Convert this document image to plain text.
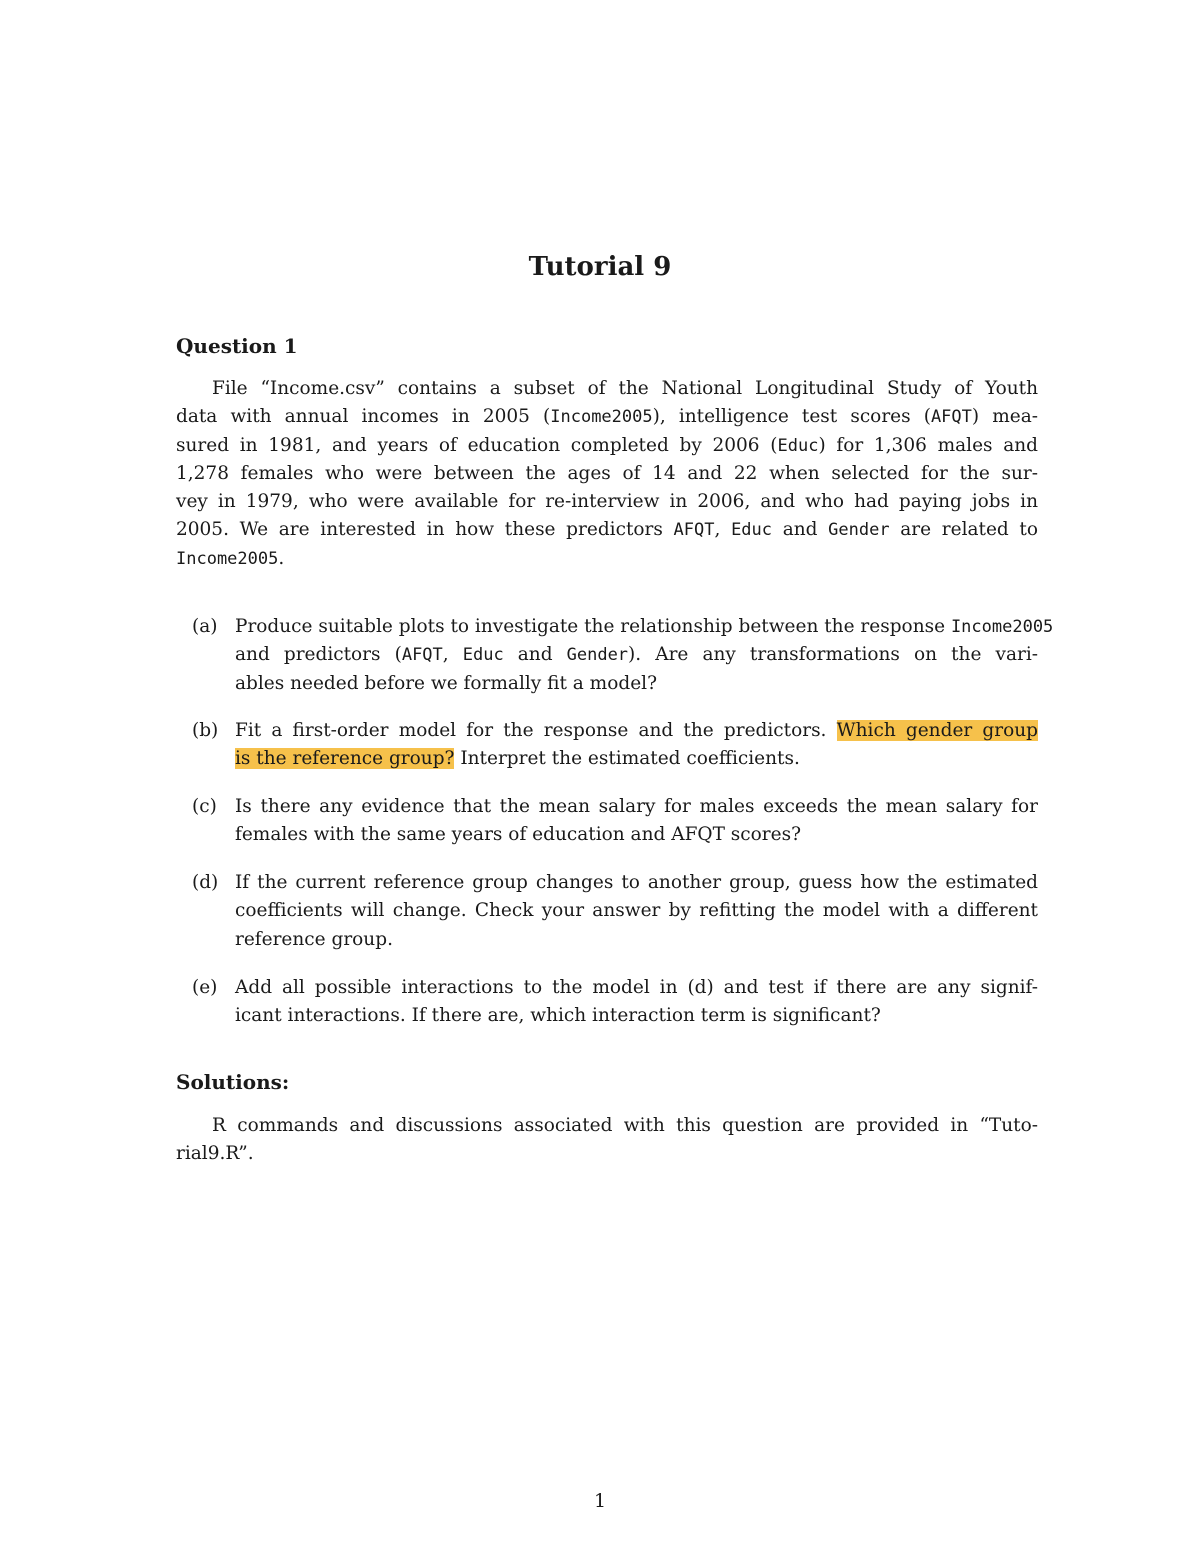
Tutorial 9
Question 1
File “Income.csv” contains a subset of the National Longitudinal Study of Youth
data with annual incomes in 2005 (Income2005), intelligence test scores (AFQT) mea-
sured in 1981, and years of education completed by 2006 (Educ) for 1,306 males and
1,278 females who were between the ages of 14 and 22 when selected for the sur-
vey in 1979, who were available for re-interview in 2006, and who had paying jobs in
2005. We are interested in how these predictors AFQT, Educ and Gender are related to
Income2005.
(a) Produce suitable plots to investigate the relationship between the response Income2005
and predictors (AFQT, Educ and Gender). Are any transformations on the vari-
ables needed before we formally fit a model?
(b) Fit a first-order model for the response and the predictors. Which gender group
is the reference group? Interpret the estimated coefficients.
(c) Is there any evidence that the mean salary for males exceeds the mean salary for
females with the same years of education and AFQT scores?
(d) If the current reference group changes to another group, guess how the estimated
coefficients will change. Check your answer by refitting the model with a different
reference group.
(e) Add all possible interactions to the model in (d) and test if there are any signif-
icant interactions. If there are, which interaction term is significant?
Solutions:
R commands and discussions associated with this question are provided in “Tuto-
rial9.R”.
1
